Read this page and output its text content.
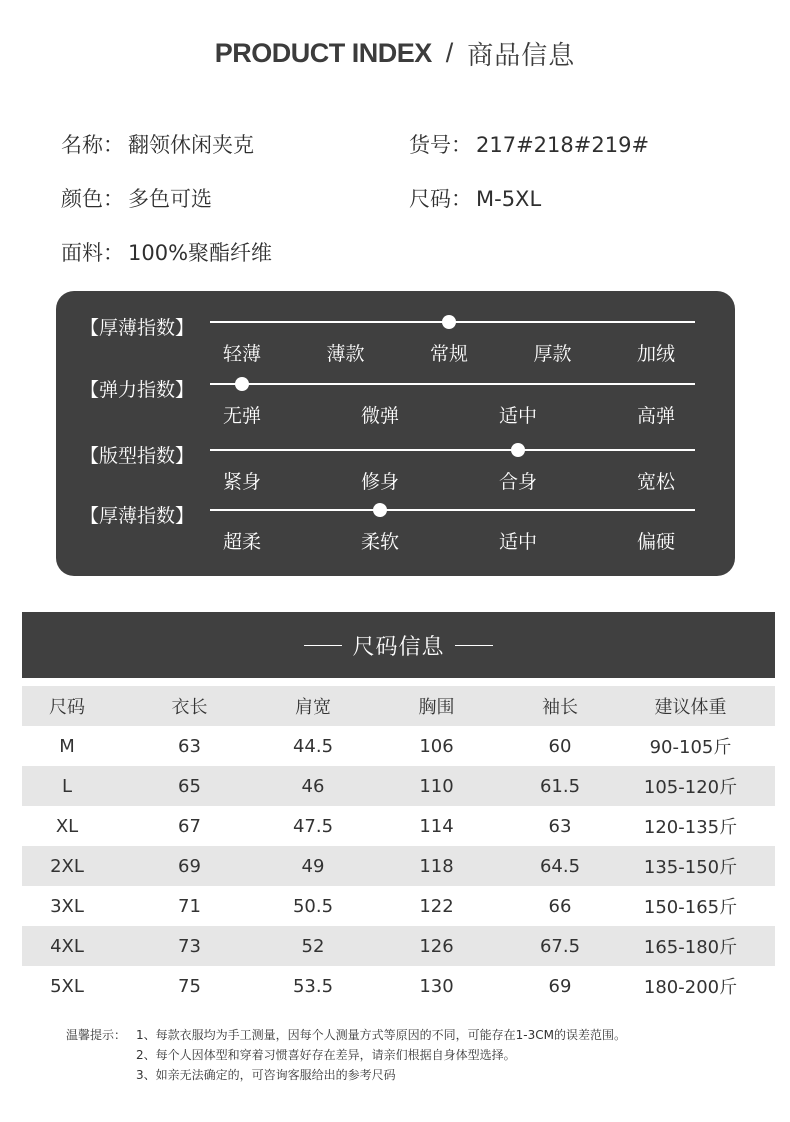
PRODUCT INDEX / 商品信息
名称： 翻领休闲夹克	货号： 217#218#219#
颜色： 多色可选	尺码： M-5XL
面料： 100%聚酯纤维
【厚薄指数】
轻薄	薄款	常规	厚款	加绒
【弹力指数】
无弹	微弹	适中	高弹
【版型指数】
紧身	修身	合身	宽松
【厚薄指数】
超柔	柔软	适中	偏硬
尺码信息
尺码	衣长	肩宽	胸围	袖长	建议体重
M	63	44.5	106	60	90-105斤
L	65	46	110	61.5	105-120斤
XL	67	47.5	114	63	120-135斤
2XL	69	49	118	64.5	135-150斤
3XL	71	50.5	122	66	150-165斤
4XL	73	52	126	67.5	165-180斤
5XL	75	53.5	130	69	180-200斤
温馨提示： 1、每款衣服均为手工测量，因每个人测量方式等原因的不同，可能存在1-3CM的误差范围。
2、每个人因体型和穿着习惯喜好存在差异，请亲们根据自身体型选择。
3、如亲无法确定的，可咨询客服给出的参考尺码
